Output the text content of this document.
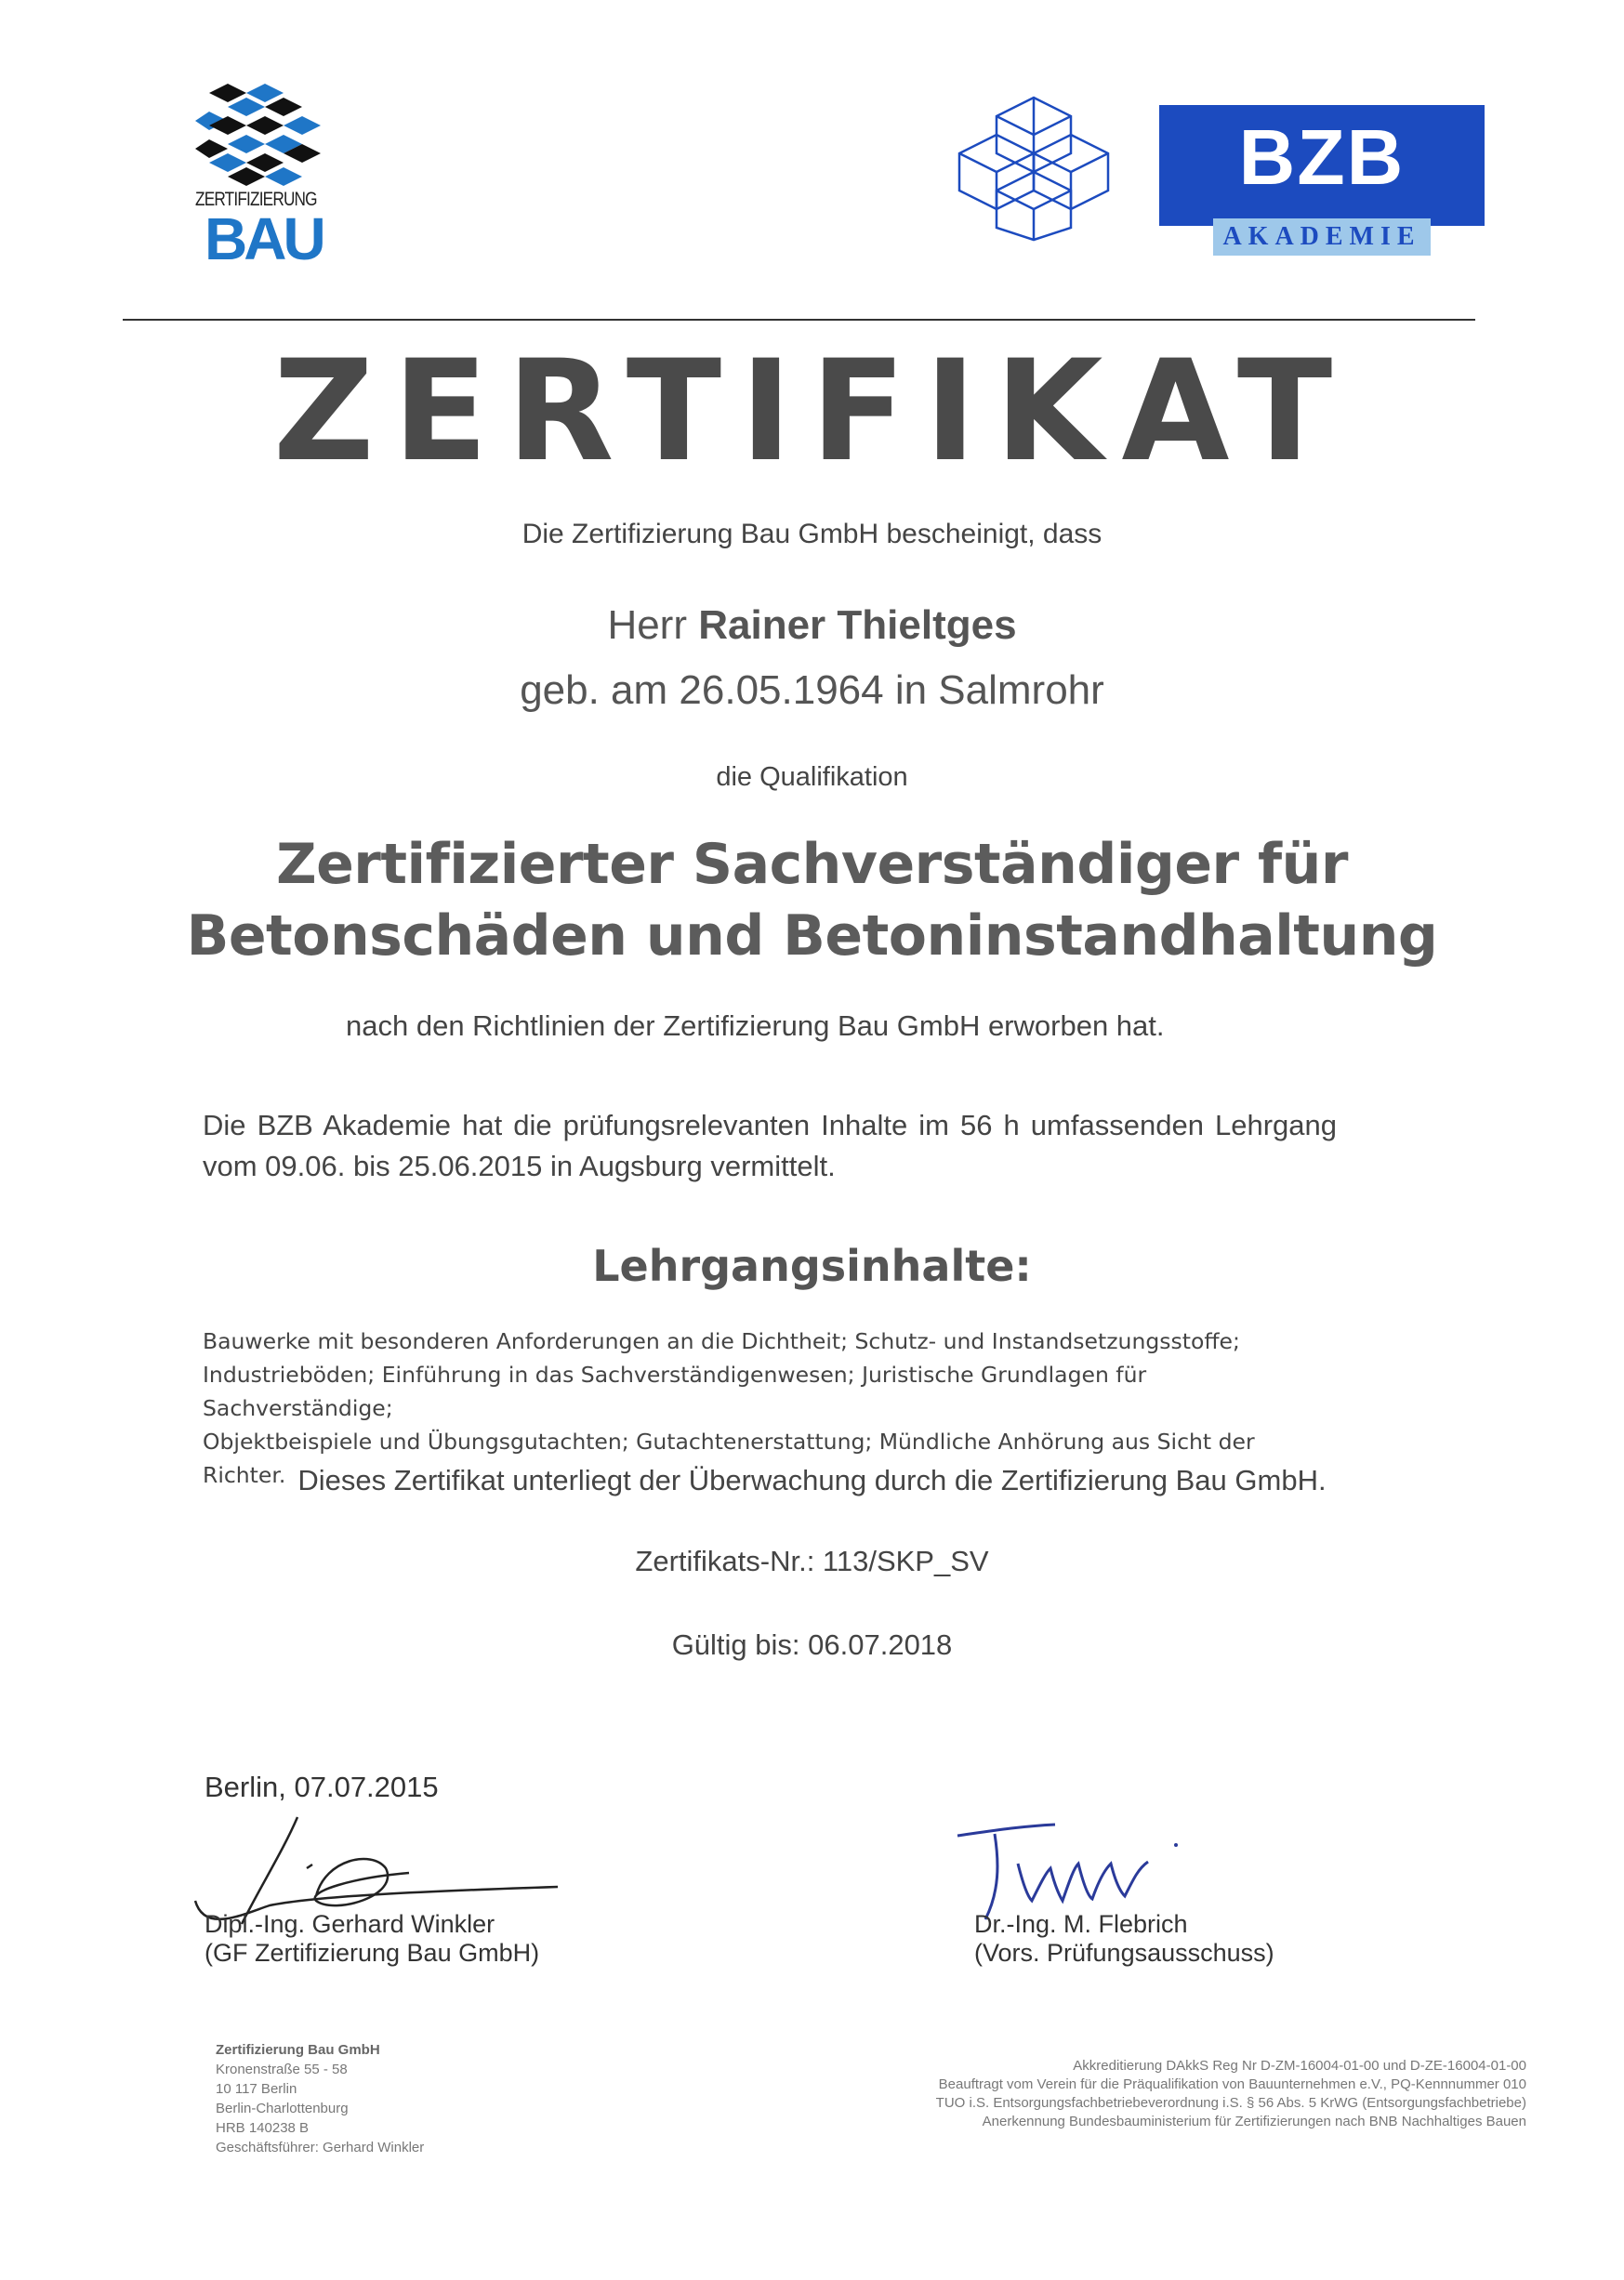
ZERTIFIZIERUNG
BAU
BZB
AKADEMIE
ZERTIFIKAT
Die Zertifizierung Bau GmbH bescheinigt, dass
Herr Rainer Thieltges
geb. am 26.05.1964 in Salmrohr
die Qualifikation
Zertifizierter Sachverständiger für
Betonschäden und Betoninstandhaltung
nach den Richtlinien der Zertifizierung Bau GmbH erworben hat.
Die BZB Akademie hat die prüfungsrelevanten Inhalte im 56 h umfassenden Lehrgang vom 09.06. bis 25.06.2015 in Augsburg vermittelt.
Lehrgangsinhalte:
Bauwerke mit besonderen Anforderungen an die Dichtheit; Schutz- und Instandsetzungsstoffe;
Industrieböden; Einführung in das Sachverständigenwesen; Juristische Grundlagen für Sachverständige;
Objektbeispiele und Übungsgutachten; Gutachtenerstattung; Mündliche Anhörung aus Sicht der Richter. Dieses Zertifikat unterliegt der Überwachung durch die Zertifizierung Bau GmbH.
Zertifikats-Nr.: 113/SKP_SV
Gültig bis: 06.07.2018
Berlin, 07.07.2015
Dipl.-Ing. Gerhard Winkler
(GF Zertifizierung Bau GmbH)
Dr.-Ing. M. Flebrich
(Vors. Prüfungsausschuss)
Zertifizierung Bau GmbH
Kronenstraße 55 - 58
10 117 Berlin
Berlin-Charlottenburg
HRB 140238 B
Geschäftsführer: Gerhard Winkler
Akkreditierung DAkkS Reg Nr D-ZM-16004-01-00 und D-ZE-16004-01-00
Beauftragt vom Verein für die Präqualifikation von Bauunternehmen e.V., PQ-Kennnummer 010
TUO i.S. Entsorgungsfachbetriebeverordnung i.S. § 56 Abs. 5 KrWG (Entsorgungsfachbetriebe)
Anerkennung Bundesbauministerium für Zertifizierungen nach BNB Nachhaltiges Bauen
